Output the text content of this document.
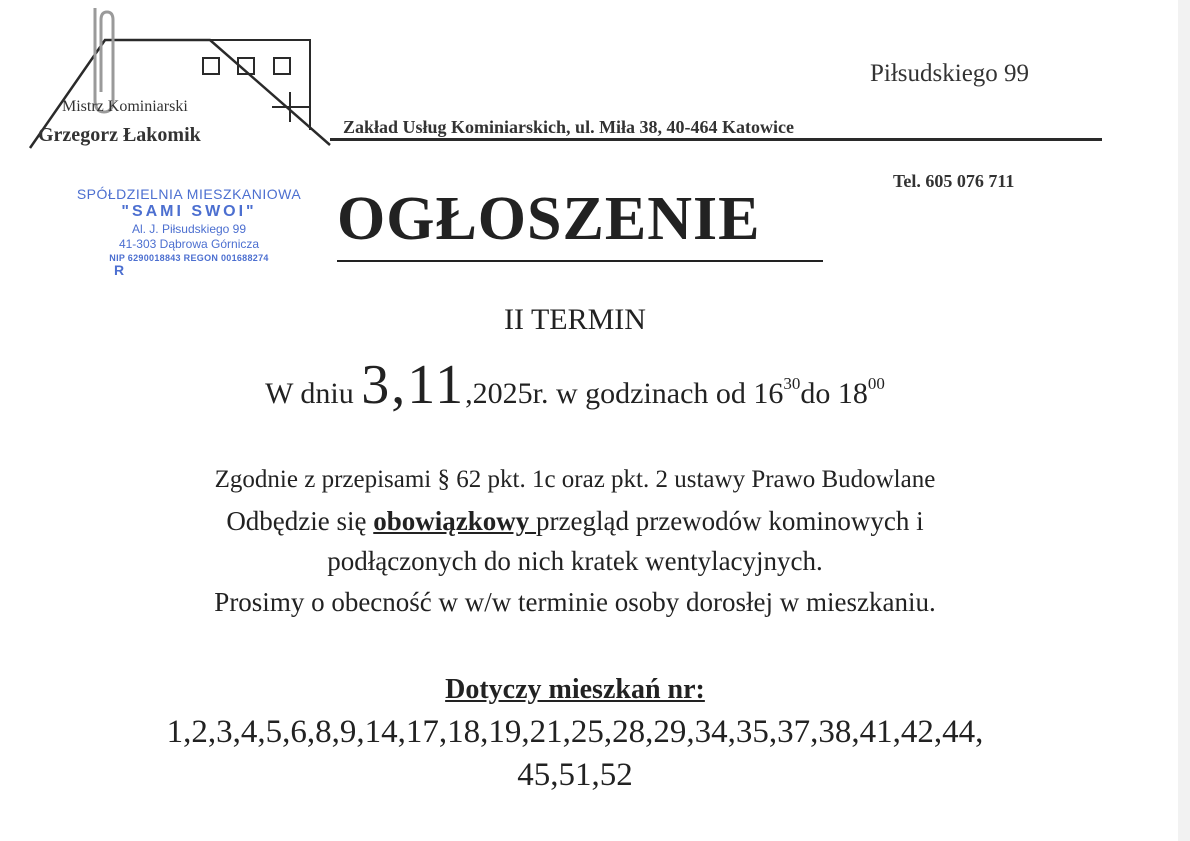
Piłsudskiego 99
Mistrz Kominiarski
Grzegorz Łakomik	Zakład Usług Kominiarskich, ul. Miła 38, 40-464 Katowice
Tel. 605 076 711
SPÓŁDZIELNIA MIESZKANIOWA
"SAMI SWOI"
Al. J. Piłsudskiego 99
41-303 Dąbrowa Górnicza
NIP 6290018843 REGON 001688274
R
OGŁOSZENIE
II TERMIN
W dniu 3,11,2025r. w godzinach od $16^{30}do$ $18^{00}$
Zgodnie z przepisami § 62 pkt. 1c oraz pkt. 2 ustawy Prawo Budowlane
Odbędzie się obowiązkowy przegląd przewodów kominowych i
podłączonych do nich kratek wentylacyjnych.
Prosimy o obecność w w/w terminie osoby dorosłej w mieszkaniu.
Dotyczy mieszkań nr:
1,2,3,4,5,6,8,9,14,17,18,19,21,25,28,29,34,35,37,38,41,42,44,
45,51,52
